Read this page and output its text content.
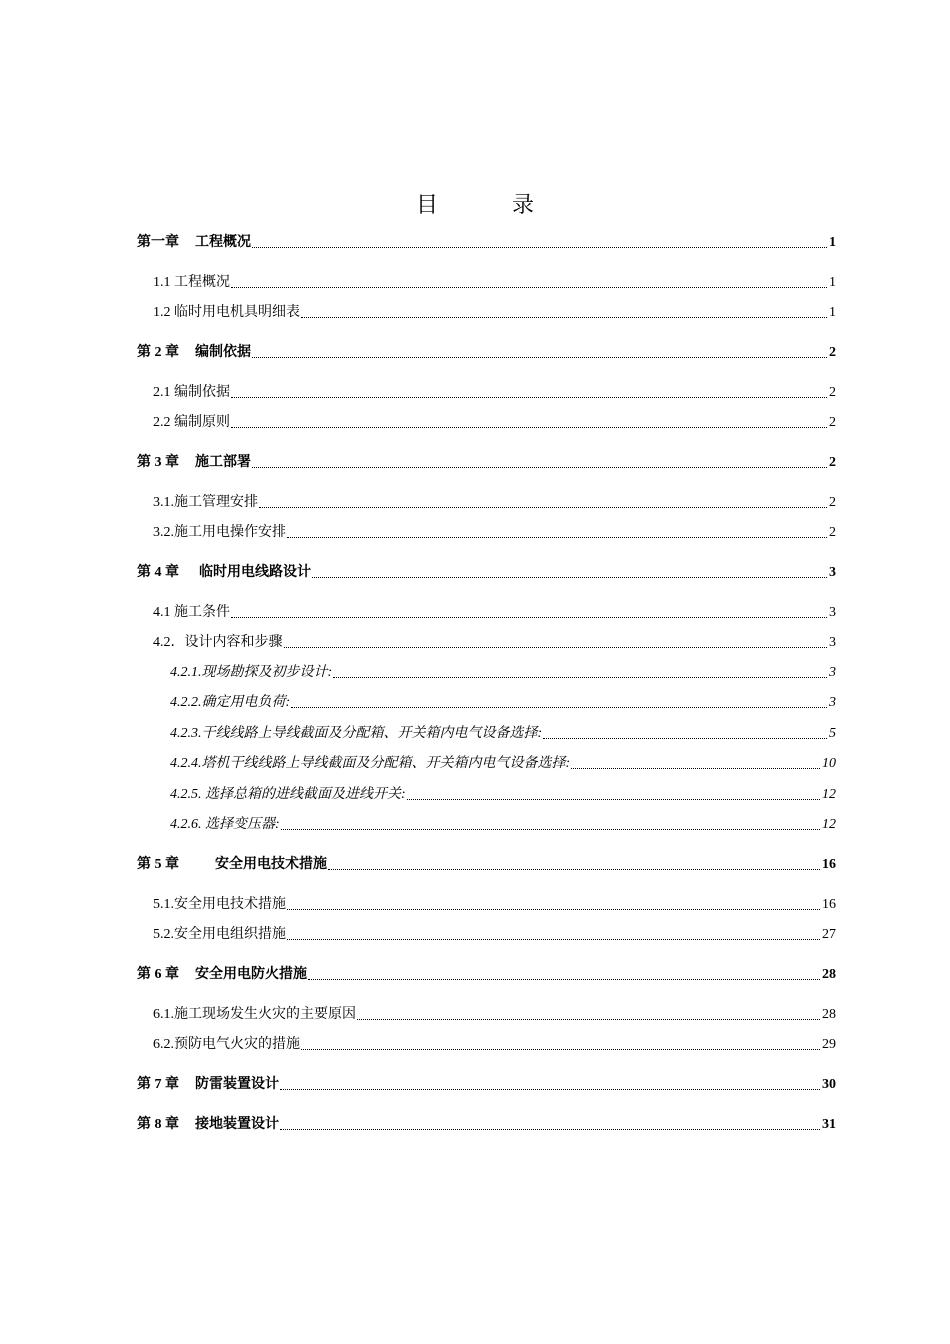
目	录
第一章 工程概况	1
1.1 工程概况	1
1.2 临时用电机具明细表	1
第 2 章 编制依据	2
2.1 编制依据	2
2.2 编制原则	2
第 3 章 施工部署	2
3.1.施工管理安排	2
3.2.施工用电操作安排	2
第 4 章 临时用电线路设计	3
4.1 施工条件	3
4.2．设计内容和步骤	3
4.2.1.现场勘探及初步设计:	3
4.2.2.确定用电负荷:	3
4.2.3.干线线路上导线截面及分配箱、开关箱内电气设备选择:	5
4.2.4.塔机干线线路上导线截面及分配箱、开关箱内电气设备选择:	10
4.2.5. 选择总箱的进线截面及进线开关:	12
4.2.6. 选择变压器:	12
第 5 章	安全用电技术措施	16
5.1.安全用电技术措施	16
5.2.安全用电组织措施	27
第 6 章 安全用电防火措施	28
6.1.施工现场发生火灾的主要原因	28
6.2.预防电气火灾的措施	29
第 7 章 防雷装置设计	30
第 8 章 接地装置设计	31
